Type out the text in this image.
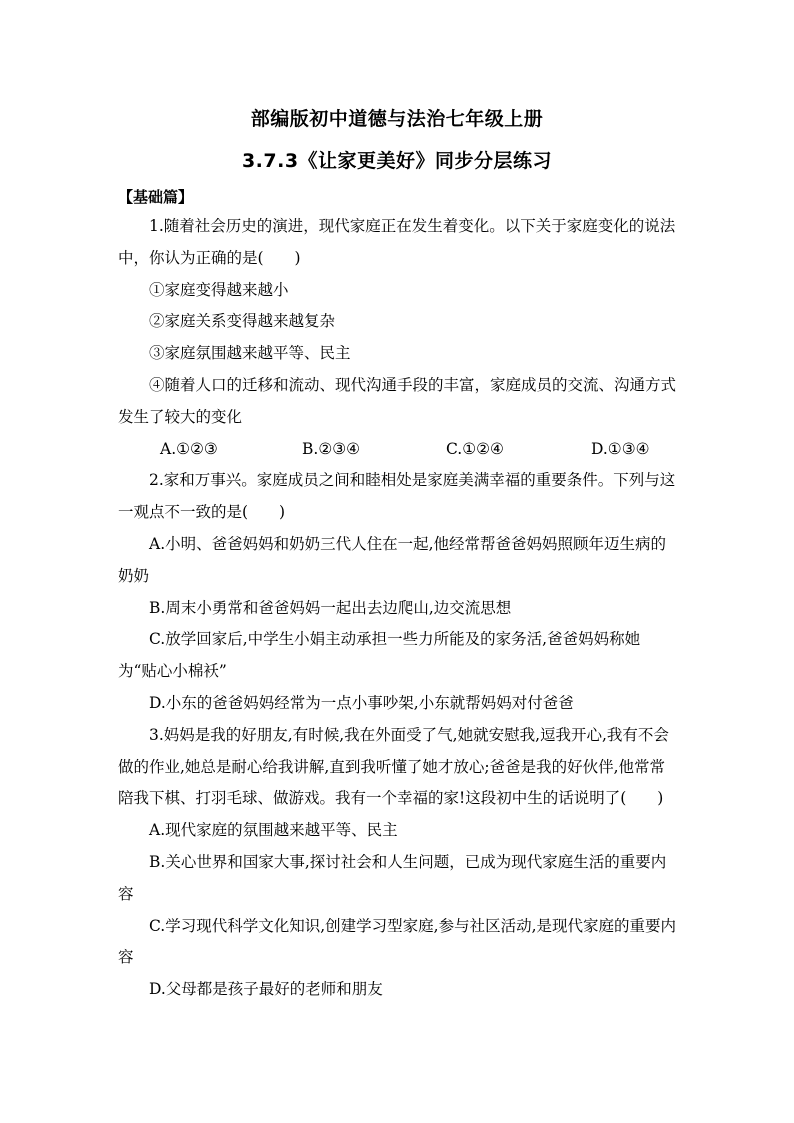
部编版初中道德与法治七年级上册
3.7.3《让家更美好》同步分层练习
【基础篇】

1.随着社会历史的演进，现代家庭正在发生着变化。以下关于家庭变化的说法中，你认为正确的是(　　)

①家庭变得越来越小

②家庭关系变得越来越复杂

③家庭氛围越来越平等、民主

④随着人口的迁移和流动、现代沟通手段的丰富，家庭成员的交流、沟通方式发生了较大的变化

A.①②③	B.②③④	C.①②④	D.①③④

2.家和万事兴。家庭成员之间和睦相处是家庭美满幸福的重要条件。下列与这一观点不一致的是(　　)

A.小明、爸爸妈妈和奶奶三代人住在一起,他经常帮爸爸妈妈照顾年迈生病的奶奶

B.周末小勇常和爸爸妈妈一起出去边爬山,边交流思想

C.放学回家后,中学生小娟主动承担一些力所能及的家务活,爸爸妈妈称她为“贴心小棉袄”

D.小东的爸爸妈妈经常为一点小事吵架,小东就帮妈妈对付爸爸

3.妈妈是我的好朋友,有时候,我在外面受了气,她就安慰我,逗我开心,我有不会做的作业,她总是耐心给我讲解,直到我听懂了她才放心;爸爸是我的好伙伴,他常常陪我下棋、打羽毛球、做游戏。我有一个幸福的家!这段初中生的话说明了(　　)

A.现代家庭的氛围越来越平等、民主

B.关心世界和国家大事,探讨社会和人生问题，已成为现代家庭生活的重要内容

C.学习现代科学文化知识,创建学习型家庭,参与社区活动,是现代家庭的重要内容

D.父母都是孩子最好的老师和朋友
